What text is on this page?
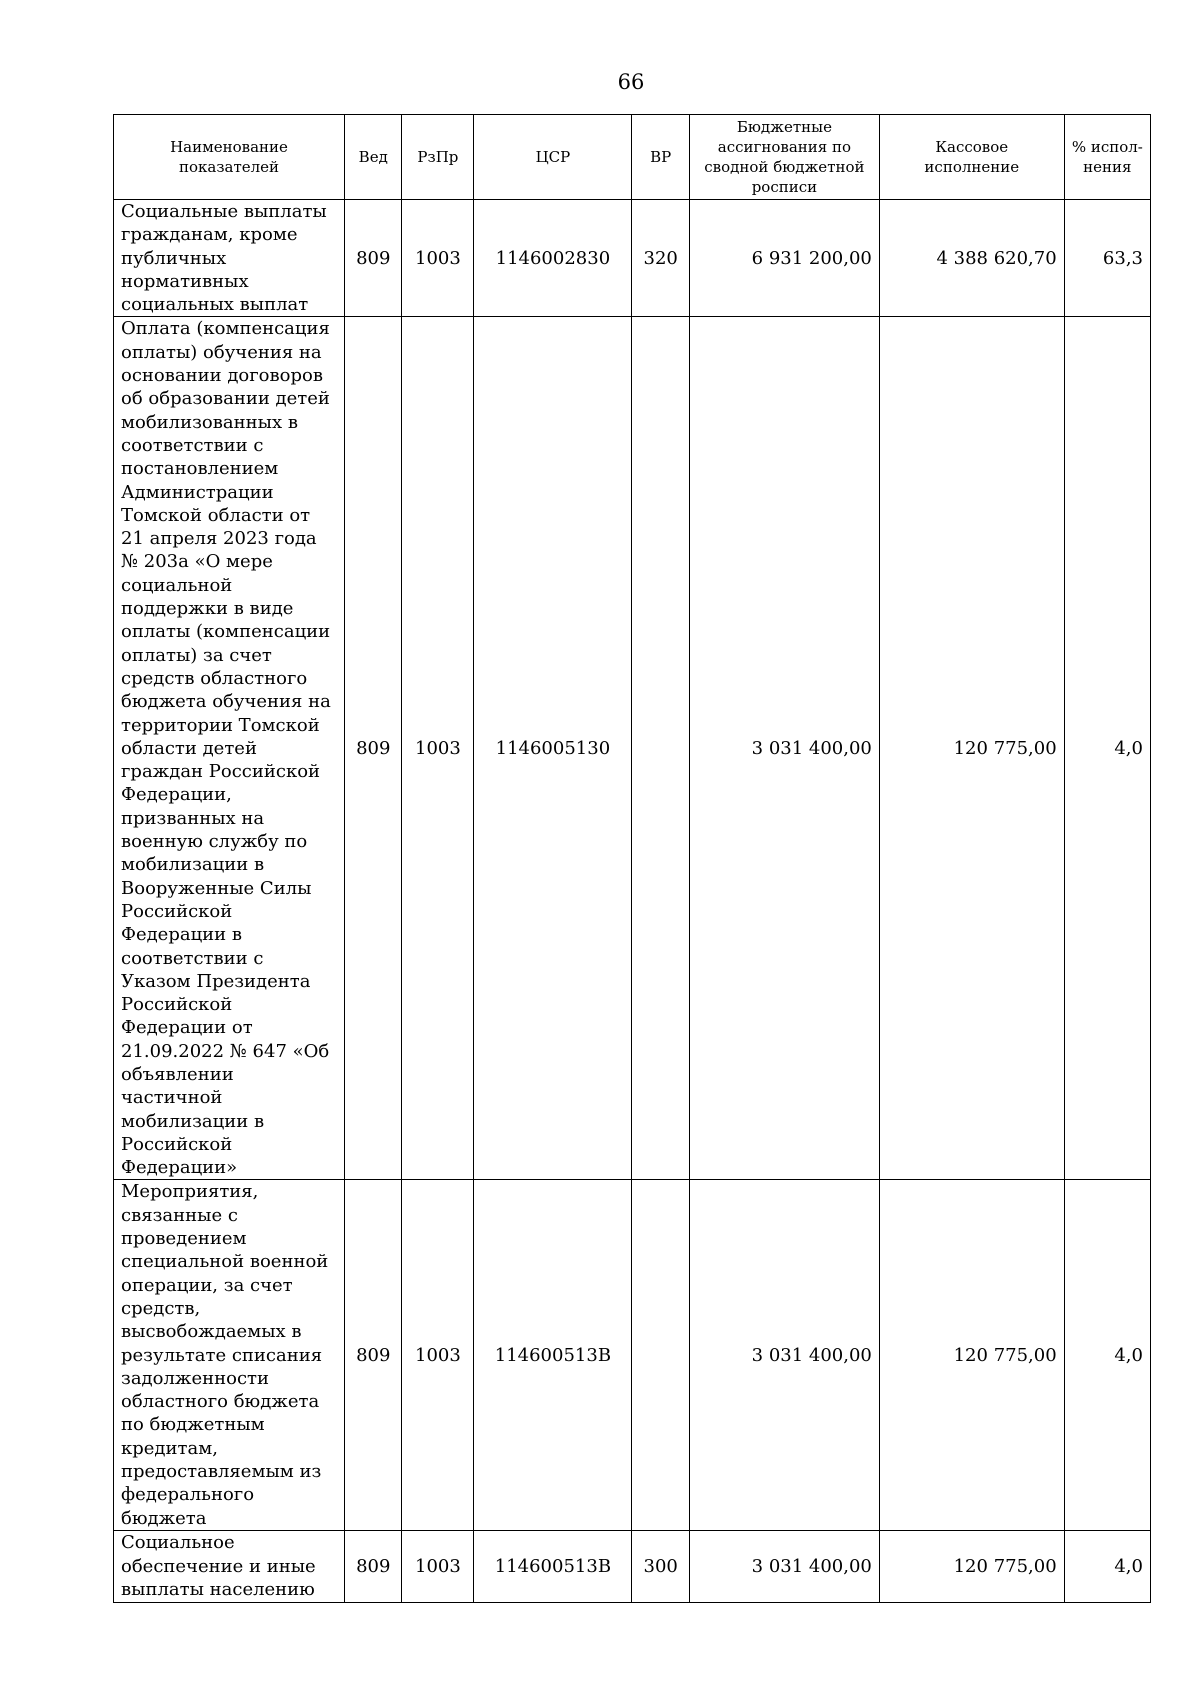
66
Наименование показателей	Вед	РзПр	ЦСР	ВР	Бюджетные ассигнования по сводной бюджетной росписи	Кассовое исполнение	% испол-нения
Социальные выплаты гражданам, кроме публичных нормативных социальных выплат	809	1003	1146002830	320	6 931 200,00	4 388 620,70	63,3
Оплата (компенсация оплаты) обучения на основании договоров об образовании детей мобилизованных в соответствии с постановлением Администрации Томской области от 21 апреля 2023 года № 203а «О мере социальной поддержки в виде оплаты (компенсации оплаты) за счет средств областного бюджета обучения на территории Томской области детей граждан Российской Федерации, призванных на военную службу по мобилизации в Вооруженные Силы Российской Федерации в соответствии с Указом Президента Российской Федерации от 21.09.2022 № 647 «Об объявлении частичной мобилизации в Российской Федерации»	809	1003	1146005130		3 031 400,00	120 775,00	4,0
Мероприятия, связанные с проведением специальной военной операции, за счет средств, высвобождаемых в результате списания задолженности областного бюджета по бюджетным кредитам, предоставляемым из федерального бюджета	809	1003	114600513В		3 031 400,00	120 775,00	4,0
Социальное обеспечение и иные выплаты населению	809	1003	114600513В	300	3 031 400,00	120 775,00	4,0
